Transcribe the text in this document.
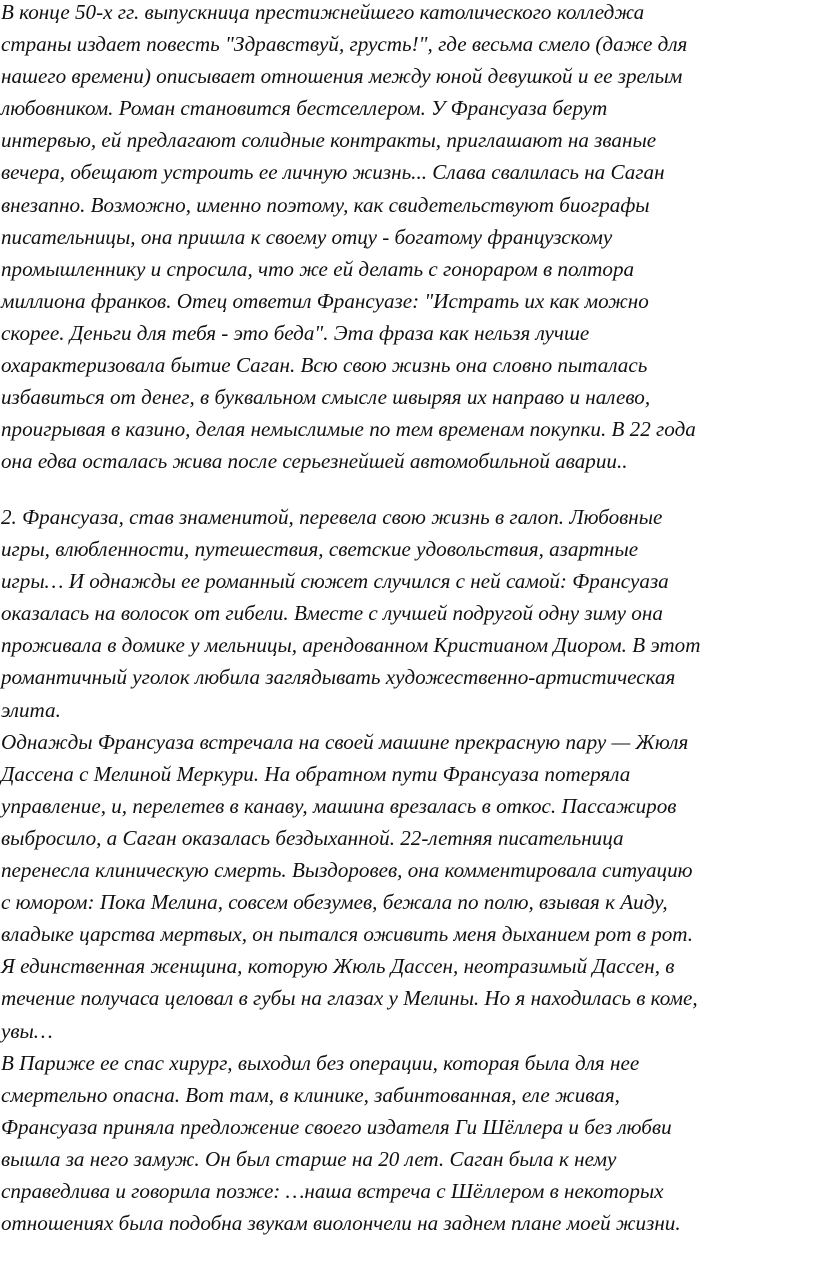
В конце 50-х гг. выпускница престижнейшего католического колледжастраны издает повесть "Здравствуй, грусть!", где весьма смело (даже длянашего времени) описывает отношения между юной девушкой и ее зрелымлюбовником. Роман становится бестселлером. У Франсуаза берутинтервью, ей предлагают солидные контракты, приглашают на званыевечера, обещают устроить ее личную жизнь... Слава свалилась на Саганвнезапно. Возможно, именно поэтому, как свидетельствуют биографыписательницы, она пришла к своему отцу - богатому французскомупромышленнику и спросила, что же ей делать с гонораром в полторамиллиона франков. Отец ответил Франсуазе: "Истрать их как можноскорее. Деньги для тебя - это беда". Эта фраза как нельзя лучшеохарактеризовала бытие Саган. Всю свою жизнь она словно пыталасьизбавиться от денег, в буквальном смысле швыряя их направо и налево,проигрывая в казино, делая немыслимые по тем временам покупки. В 22 годаона едва осталась жива после серьезнейшей автомобильной аварии..
2. Франсуаза, став знаменитой, перевела свою жизнь в галоп. Любовныеигры, влюбленности, путешествия, светские удовольствия, азартныеигры… И однажды ее романный сюжет случился с ней самой: Франсуазаоказалась на волосок от гибели. Вместе с лучшей подругой одну зиму онапроживала в домике у мельницы, арендованном Кристианом Диором. В этотромантичный уголок любила заглядывать художественно-артистическаяэлита.Однажды Франсуаза встречала на своей машине прекрасную пару — ЖюляДассена с Мелиной Меркури. На обратном пути Франсуаза потерялауправление, и, перелетев в канаву, машина врезалась в откос. Пассажироввыбросило, а Саган оказалась бездыханной. 22-летняя писательницаперенесла клиническую смерть. Выздоровев, она комментировала ситуациюс юмором: Пока Мелина, совсем обезумев, бежала по полю, взывая к Аиду,владыке царства мертвых, он пытался оживить меня дыханием рот в рот.Я единственная женщина, которую Жюль Дассен, неотразимый Дассен, втечение получаса целовал в губы на глазах у Мелины. Но я находилась в коме,увы…В Париже ее спас хирург, выходил без операции, которая была для неесмертельно опасна. Вот там, в клинике, забинтованная, еле живая,Франсуаза приняла предложение своего издателя Ги Шёллера и без любвивышла за него замуж. Он был старше на 20 лет. Саган была к немусправедлива и говорила позже: …наша встреча с Шёллером в некоторыхотношениях была подобна звукам виолончели на заднем плане моей жизни.
